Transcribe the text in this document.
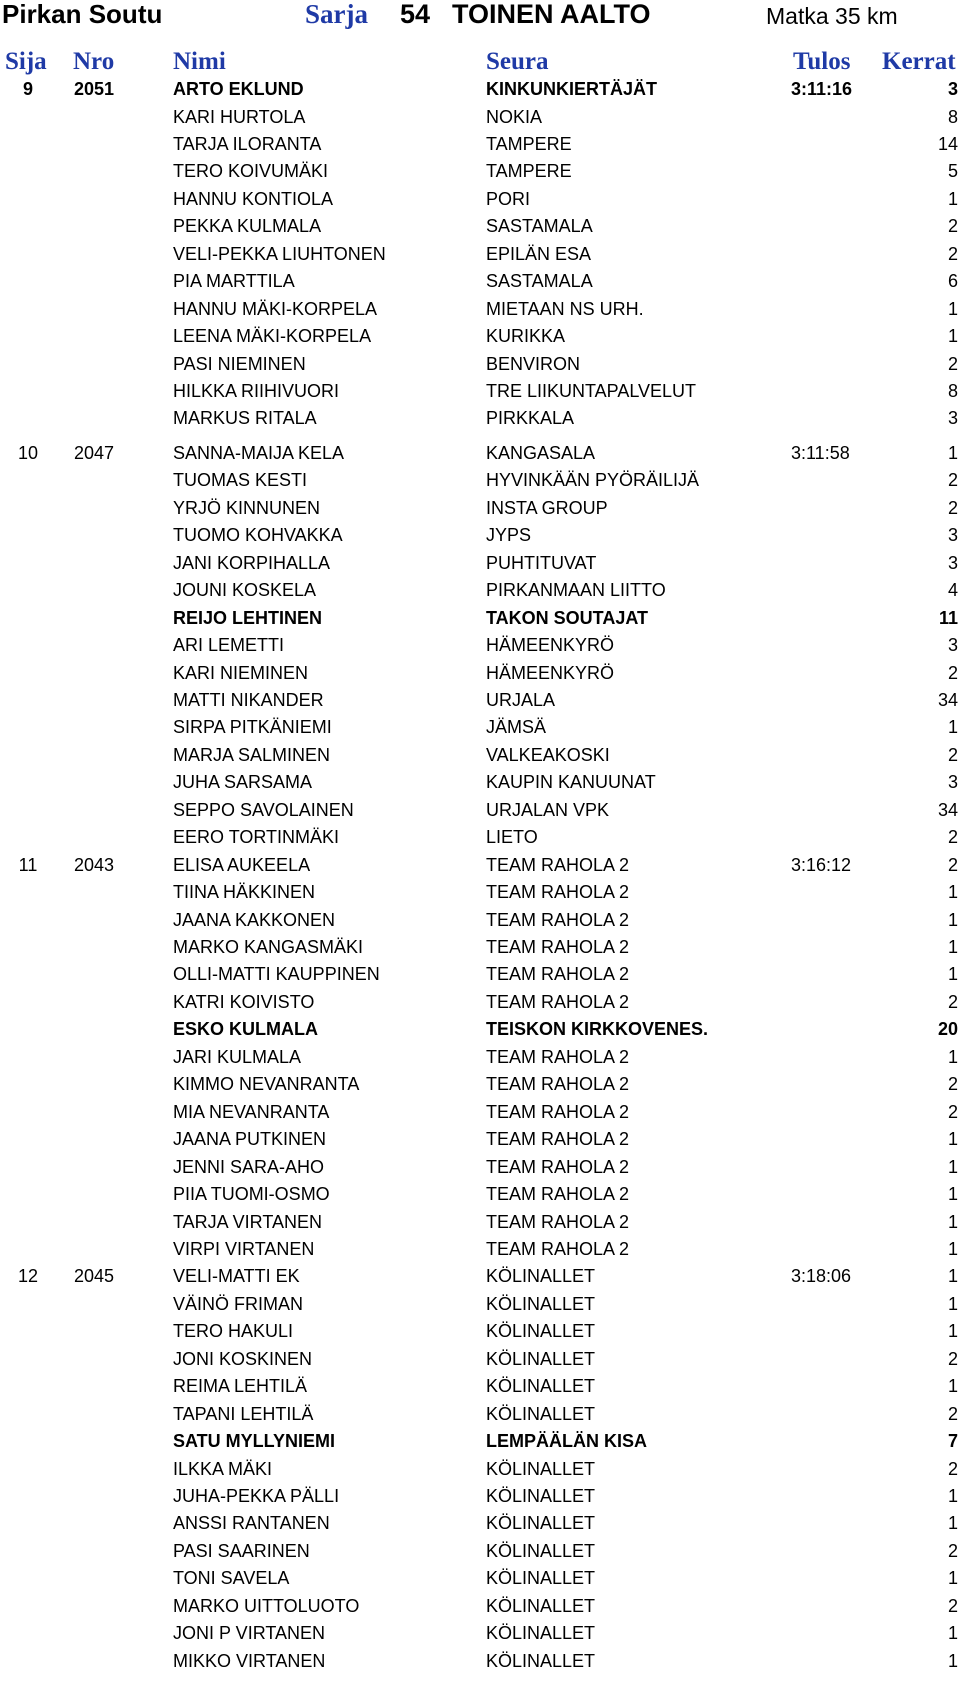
Pirkan Soutu	Sarja 54 TOINEN AALTO	Matka 35 km
Sija Nro Nimi	Seura	Tulos Kerrat
9	2051	ARTO EKLUND	KINKUNKIERTÄJÄT	3:11:16	3
KARI HURTOLA	NOKIA	8
TARJA ILORANTA	TAMPERE	14
TERO KOIVUMÄKI	TAMPERE	5
HANNU KONTIOLA	PORI	1
PEKKA KULMALA	SASTAMALA	2
VELI-PEKKA LIUHTONEN	EPILÄN ESA	2
PIA MARTTILA	SASTAMALA	6
HANNU MÄKI-KORPELA	MIETAAN NS URH.	1
LEENA MÄKI-KORPELA	KURIKKA	1
PASI NIEMINEN	BENVIRON	2
HILKKA RIIHIVUORI	TRE LIIKUNTAPALVELUT	8
MARKUS RITALA	PIRKKALA	3
10	2047	SANNA-MAIJA KELA	KANGASALA	3:11:58	1
TUOMAS KESTI	HYVINKÄÄN PYÖRÄILIJÄ	2
YRJÖ KINNUNEN	INSTA GROUP	2
TUOMO KOHVAKKA	JYPS	3
JANI KORPIHALLA	PUHTITUVAT	3
JOUNI KOSKELA	PIRKANMAAN LIITTO	4
REIJO LEHTINEN	TAKON SOUTAJAT	11
ARI LEMETTI	HÄMEENKYRÖ	3
KARI NIEMINEN	HÄMEENKYRÖ	2
MATTI NIKANDER	URJALA	34
SIRPA PITKÄNIEMI	JÄMSÄ	1
MARJA SALMINEN	VALKEAKOSKI	2
JUHA SARSAMA	KAUPIN KANUUNAT	3
SEPPO SAVOLAINEN	URJALAN VPK	34
EERO TORTINMÄKI	LIETO	2
11	2043	ELISA AUKEELA	TEAM RAHOLA 2	3:16:12	2
TIINA HÄKKINEN	TEAM RAHOLA 2	1
JAANA KAKKONEN	TEAM RAHOLA 2	1
MARKO KANGASMÄKI	TEAM RAHOLA 2	1
OLLI-MATTI KAUPPINEN	TEAM RAHOLA 2	1
KATRI KOIVISTO	TEAM RAHOLA 2	2
ESKO KULMALA	TEISKON KIRKKOVENES.	20
JARI KULMALA	TEAM RAHOLA 2	1
KIMMO NEVANRANTA	TEAM RAHOLA 2	2
MIA NEVANRANTA	TEAM RAHOLA 2	2
JAANA PUTKINEN	TEAM RAHOLA 2	1
JENNI SARA-AHO	TEAM RAHOLA 2	1
PIIA TUOMI-OSMO	TEAM RAHOLA 2	1
TARJA VIRTANEN	TEAM RAHOLA 2	1
VIRPI VIRTANEN	TEAM RAHOLA 2	1
12	2045	VELI-MATTI EK	KÖLINALLET	3:18:06	1
VÄINÖ FRIMAN	KÖLINALLET	1
TERO HAKULI	KÖLINALLET	1
JONI KOSKINEN	KÖLINALLET	2
REIMA LEHTILÄ	KÖLINALLET	1
TAPANI LEHTILÄ	KÖLINALLET	2
SATU MYLLYNIEMI	LEMPÄÄLÄN KISA	7
ILKKA MÄKI	KÖLINALLET	2
JUHA-PEKKA PÄLLI	KÖLINALLET	1
ANSSI RANTANEN	KÖLINALLET	1
PASI SAARINEN	KÖLINALLET	2
TONI SAVELA	KÖLINALLET	1
MARKO UITTOLUOTO	KÖLINALLET	2
JONI P VIRTANEN	KÖLINALLET	1
MIKKO VIRTANEN	KÖLINALLET	1
